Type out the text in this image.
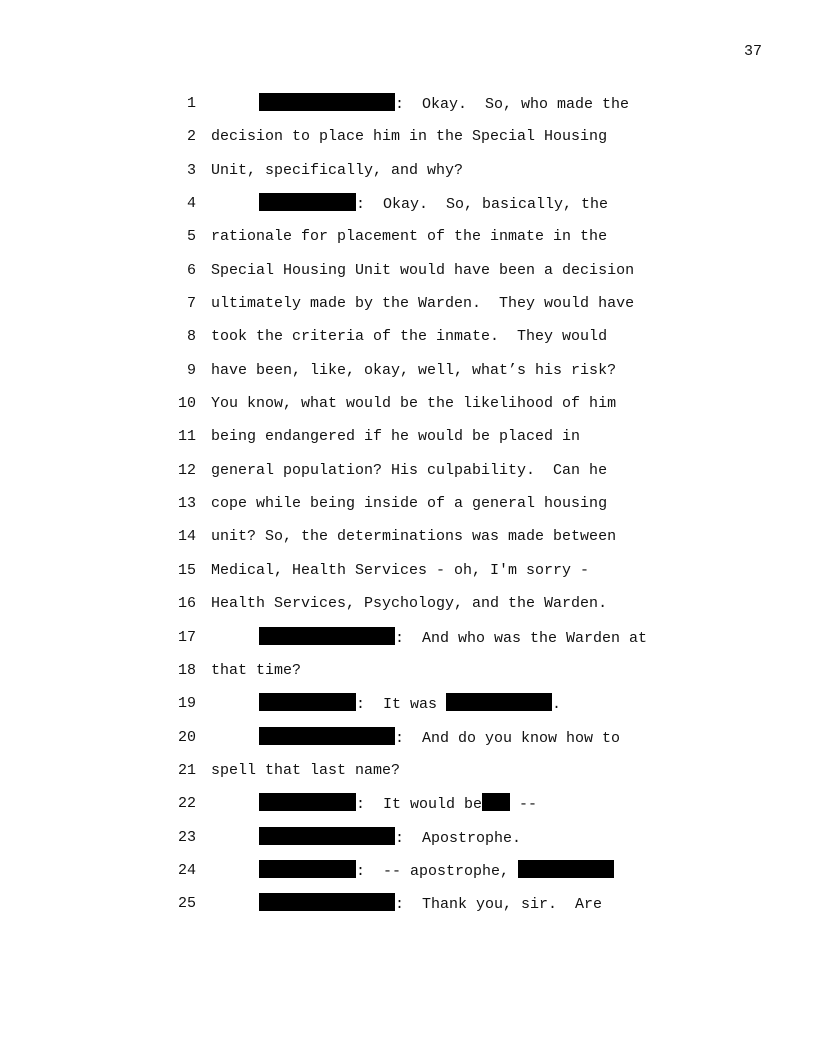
37
1	:  Okay.  So, who made the
2 decision to place him in the Special Housing
3 Unit, specifically, and why?
4	:  Okay.  So, basically, the
5 rationale for placement of the inmate in the
6 Special Housing Unit would have been a decision
7 ultimately made by the Warden.  They would have
8 took the criteria of the inmate.  They would
9 have been, like, okay, well, what’s his risk?
10 You know, what would be the likelihood of him
11 being endangered if he would be placed in
12 general population? His culpability.  Can he
13 cope while being inside of a general housing
14 unit? So, the determinations was made between
15 Medical, Health Services - oh, I'm sorry -
16 Health Services, Psychology, and the Warden.
17	:  And who was the Warden at
18 that time?
19	:  It was	.
20	:  And do you know how to
21 spell that last name?
22	:  It would be --
23	:  Apostrophe.
24	:  -- apostrophe,
25	:  Thank you, sir.  Are
